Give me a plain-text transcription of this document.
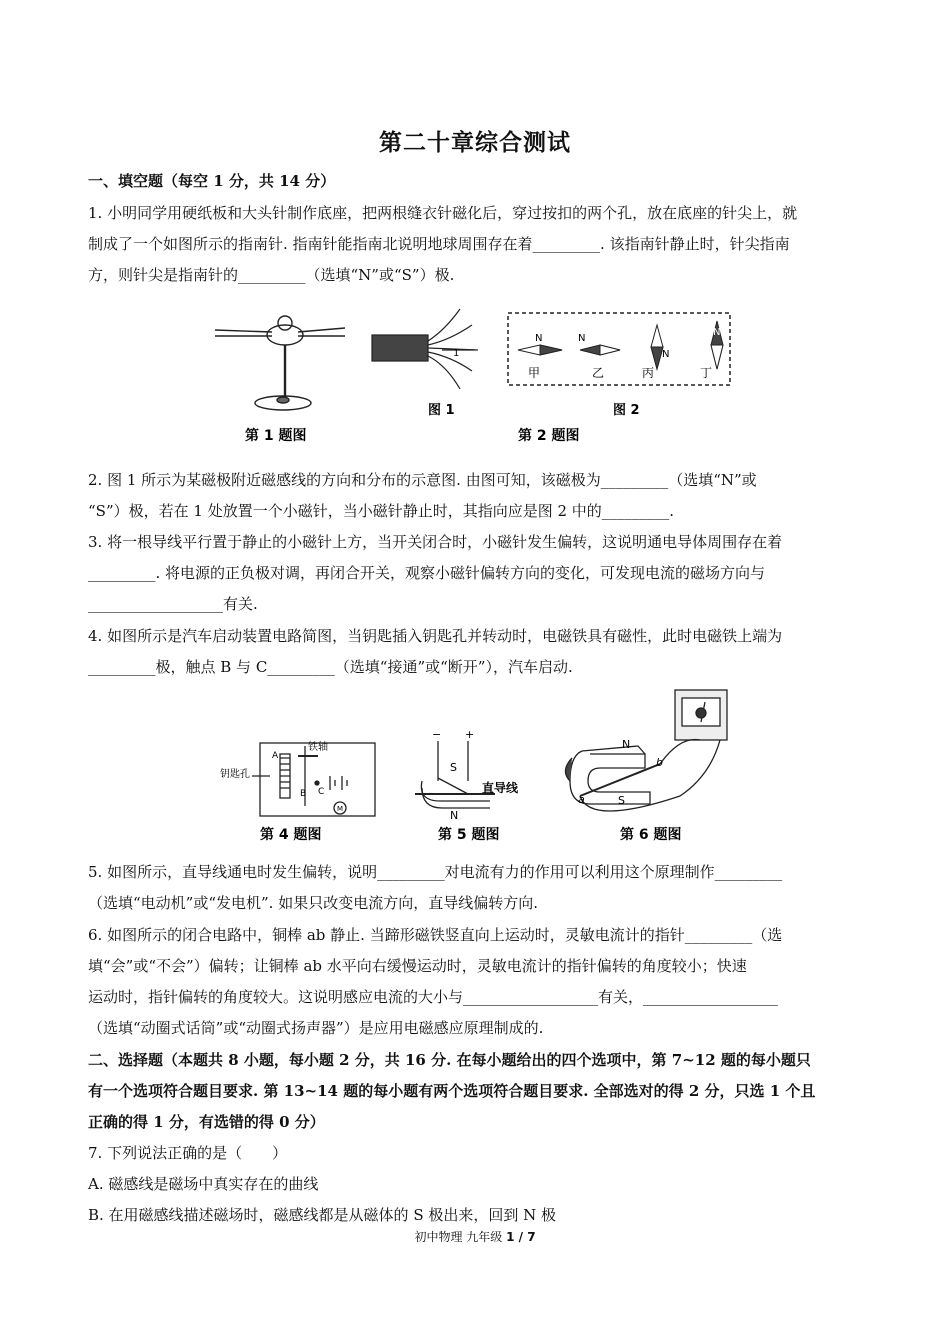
第二十章综合测试
一、填空题（每空 1 分，共 14 分）
1. 小明同学用硬纸板和大头针制作底座，把两根缝衣针磁化后，穿过按扣的两个孔，放在底座的针尖上，就
制成了一个如图所示的指南针. 指南针能指南北说明地球周围存在着_________. 该指南针静止时，针尖指南
方，则针尖是指南针的_________（选填“N”或“S”）极.
1
N	N
N
N
甲	乙	丙	丁
图 1	图 2
第 1 题图	第 2 题图
2. 图 1 所示为某磁极附近磁感线的方向和分布的示意图. 由图可知，该磁极为_________（选填“N”或
“S”）极，若在 1 处放置一个小磁针，当小磁针静止时，其指向应是图 2 中的_________.
3. 将一根导线平行置于静止的小磁针上方，当开关闭合时，小磁针发生偏转，这说明通电导体周围存在着
_________. 将电源的正负极对调，再闭合开关，观察小磁针偏转方向的变化，可发现电流的磁场方向与
__________________有关.
4. 如图所示是汽车启动装置电路简图，当钥匙插入钥匙孔并转动时，电磁铁具有磁性，此时电磁铁上端为
_________极，触点 B 与 C_________（选填“接通”或“断开”），汽车启动.
钥匙孔
铁轴
A
B C
M
第 4 题图
− +
S
N
直导线
第 5 题图
N
S
a
b
第 6 题图
5. 如图所示，直导线通电时发生偏转，说明_________对电流有力的作用可以利用这个原理制作_________
（选填“电动机”或“发电机”. 如果只改变电流方向，直导线偏转方向.
6. 如图所示的闭合电路中，铜棒 ab 静止. 当蹄形磁铁竖直向上运动时，灵敏电流计的指针_________（选
填“会”或“不会”）偏转；让铜棒 ab 水平向右缓慢运动时，灵敏电流计的指针偏转的角度较小；快速
运动时，指针偏转的角度较大。这说明感应电流的大小与__________________有关，__________________
（选填“动圈式话筒”或“动圈式扬声器”）是应用电磁感应原理制成的.
二、选择题（本题共 8 小题，每小题 2 分，共 16 分. 在每小题给出的四个选项中，第 7~12 题的每小题只
有一个选项符合题目要求. 第 13~14 题的每小题有两个选项符合题目要求. 全部选对的得 2 分，只选 1 个且
正确的得 1 分，有选错的得 0 分）
7. 下列说法正确的是（　　）
A. 磁感线是磁场中真实存在的曲线
B. 在用磁感线描述磁场时，磁感线都是从磁体的 S 极出来，回到 N 极
初中物理 九年级 1 / 7
